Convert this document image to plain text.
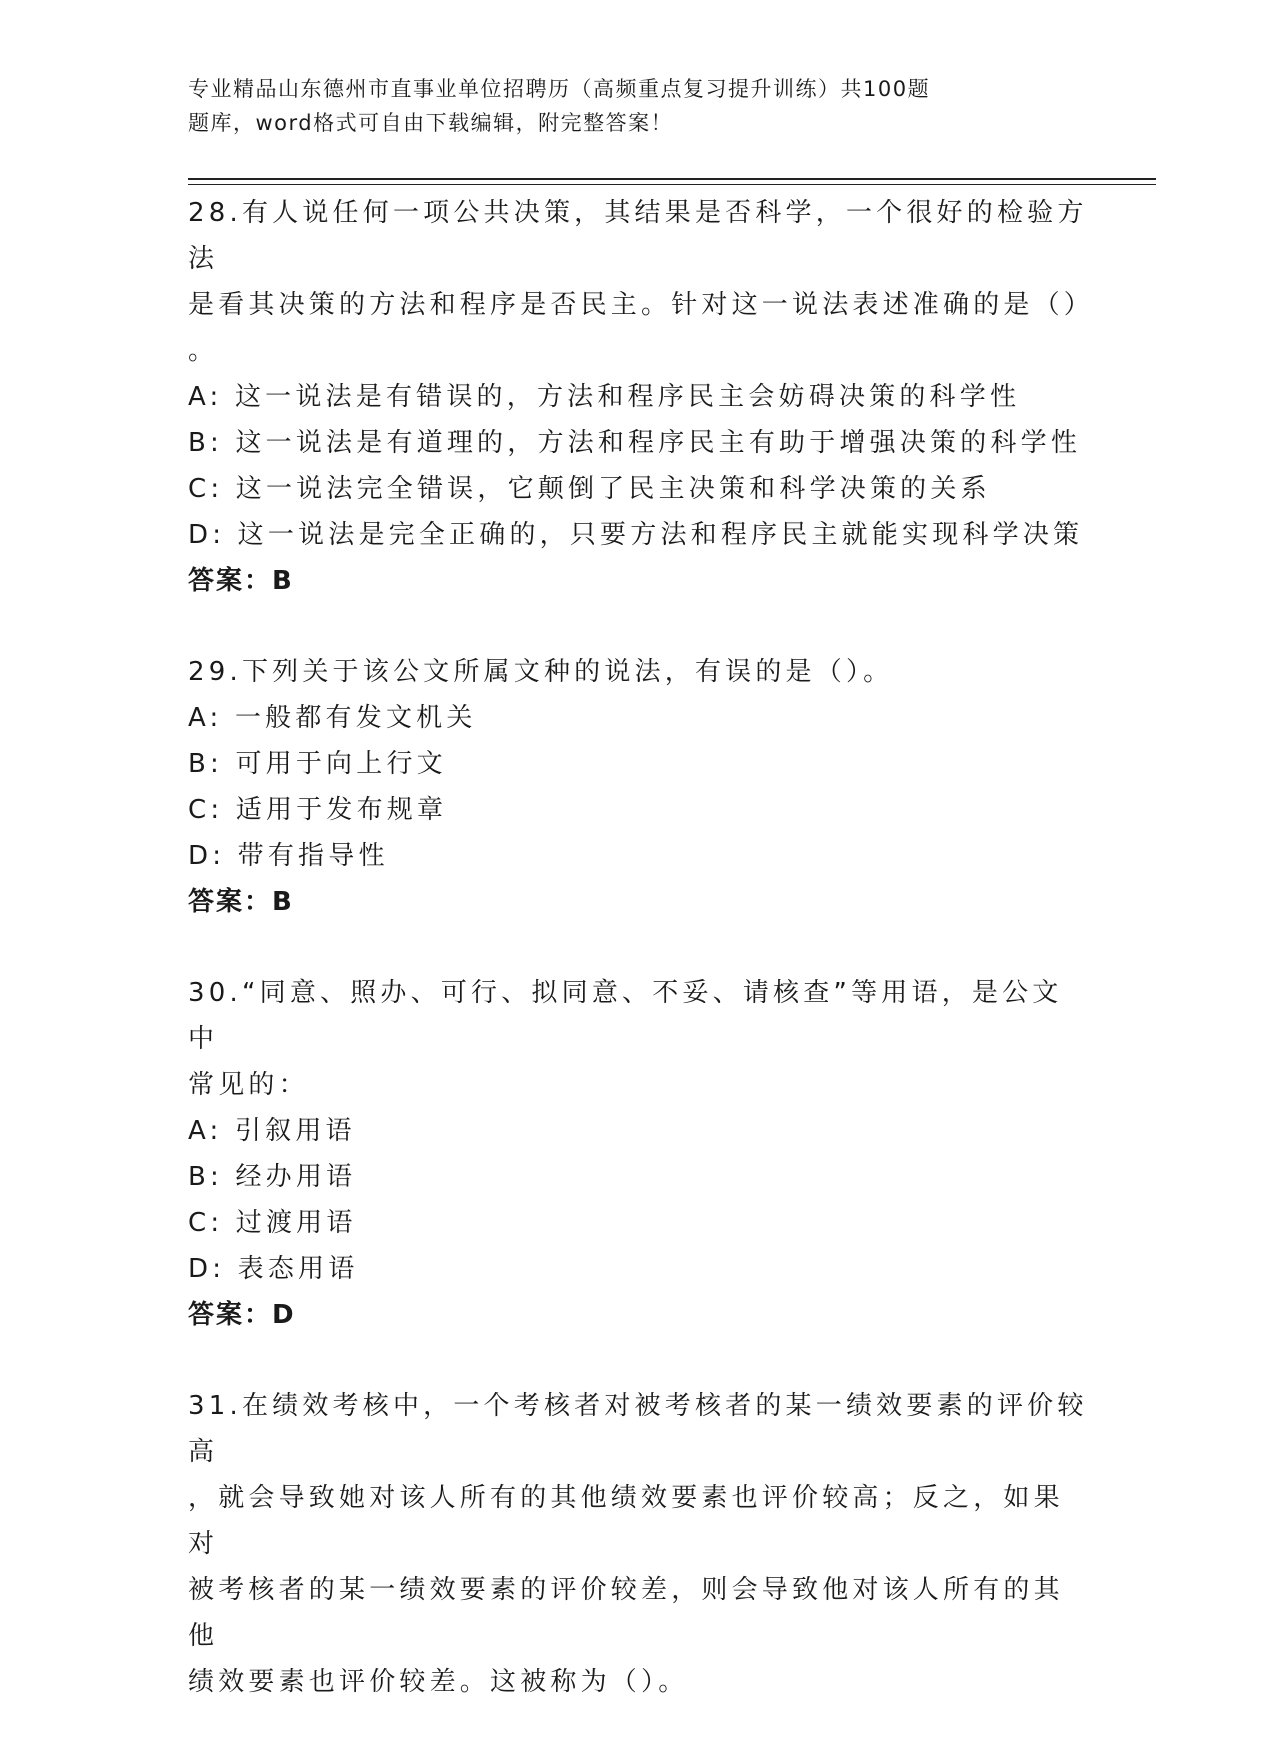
专业精品山东德州市直事业单位招聘历（高频重点复习提升训练）共100题
题库，word格式可自由下载编辑，附完整答案！
28.有人说任何一项公共决策，其结果是否科学，一个很好的检验方法
是看其决策的方法和程序是否民主。针对这一说法表述准确的是（）
。
A: 这一说法是有错误的，方法和程序民主会妨碍决策的科学性
B: 这一说法是有道理的，方法和程序民主有助于增强决策的科学性
C: 这一说法完全错误，它颠倒了民主决策和科学决策的关系
D: 这一说法是完全正确的，只要方法和程序民主就能实现科学决策
答案：B
29.下列关于该公文所属文种的说法，有误的是（）。
A: 一般都有发文机关
B: 可用于向上行文
C: 适用于发布规章
D: 带有指导性
答案：B
30.“同意、照办、可行、拟同意、不妥、请核查”等用语，是公文中
常见的：
A: 引叙用语
B: 经办用语
C: 过渡用语
D: 表态用语
答案：D
31.在绩效考核中，一个考核者对被考核者的某一绩效要素的评价较高
，就会导致她对该人所有的其他绩效要素也评价较高；反之，如果对
被考核者的某一绩效要素的评价较差，则会导致他对该人所有的其他
绩效要素也评价较差。这被称为（）。
